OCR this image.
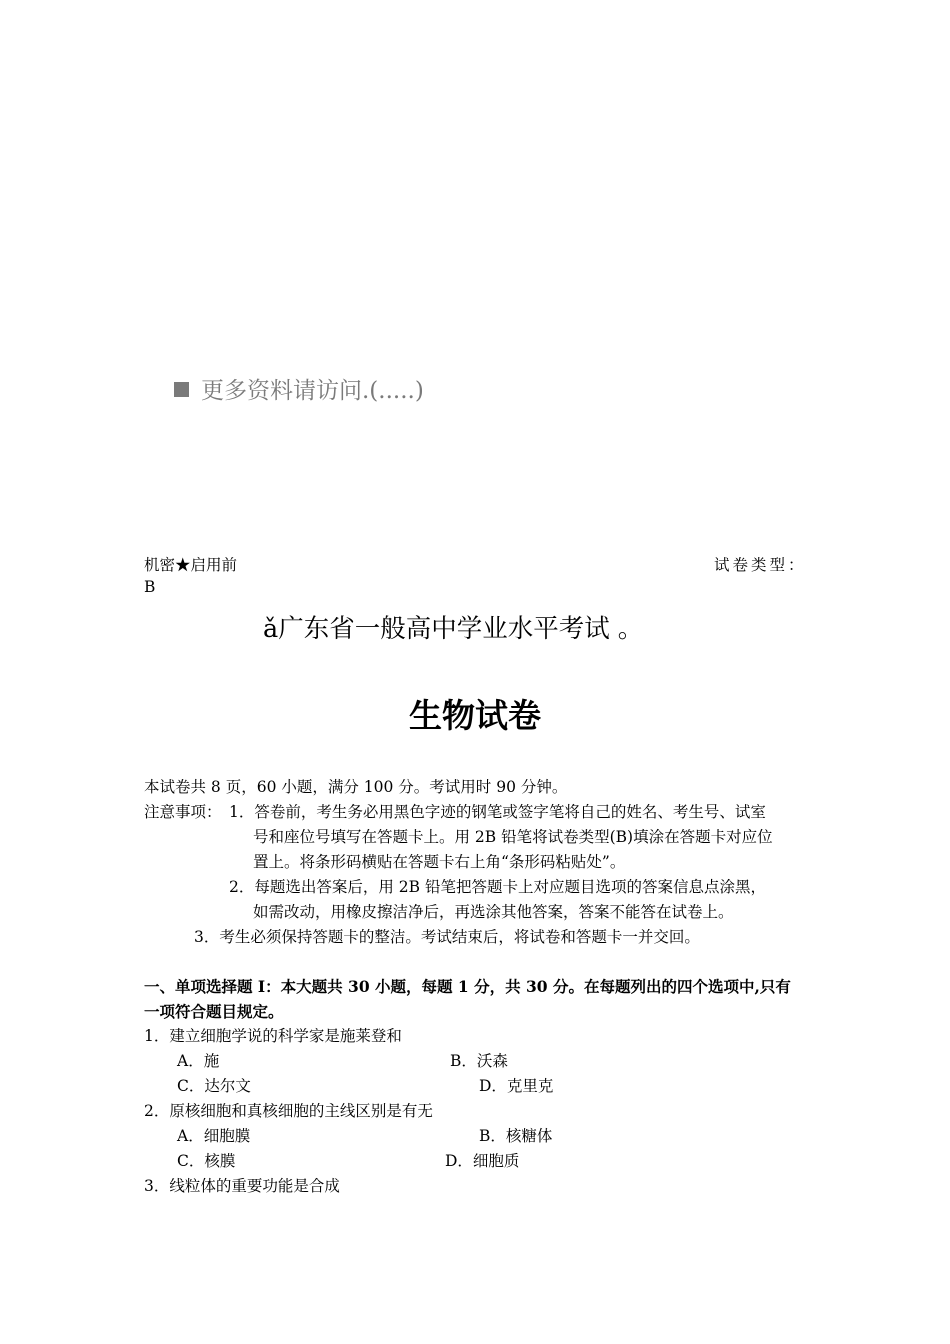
更多资料请访问.(.....)
机密★启用前	试卷类型：
B
ǎ广东省一般高中学业水平考试 。
生物试卷
本试卷共 8 页，60 小题，满分 100 分。考试用时 90 分钟。
注意事项： 1．答卷前，考生务必用黑色字迹的钢笔或签字笔将自己的姓名、考生号、试室
号和座位号填写在答题卡上。用 2B 铅笔将试卷类型(B)填涂在答题卡对应位
置上。将条形码横贴在答题卡右上角“条形码粘贴处”。
2．每题选出答案后，用 2B 铅笔把答题卡上对应题目选项的答案信息点涂黑，
如需改动，用橡皮擦洁净后，再选涂其他答案，答案不能答在试卷上。
3．考生必须保持答题卡的整洁。考试结束后，将试卷和答题卡一并交回。
一、单项选择题 I：本大题共 30 小题，每题 1 分，共 30 分。在每题列出的四个选项中,只有
一项符合题目规定。
1．建立细胞学说的科学家是施莱登和
A．施	B．沃森
C．达尔文	D．克里克
2．原核细胞和真核细胞的主线区别是有无
A．细胞膜	B．核糖体
C．核膜	D．细胞质
3．线粒体的重要功能是合成
